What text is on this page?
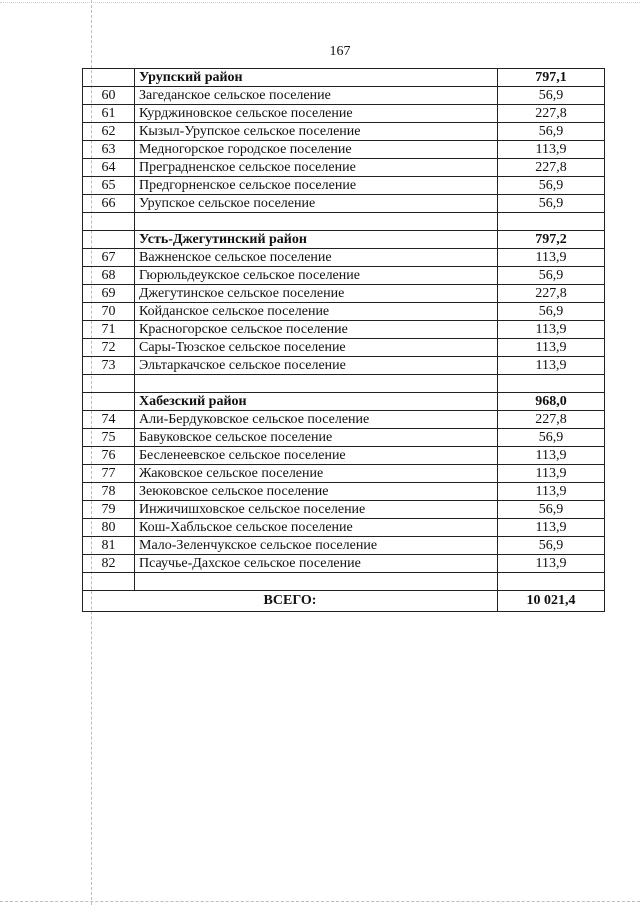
167
	Урупский район	797,1
60	Загеданское сельское поселение	56,9
61	Курджиновское сельское поселение	227,8
62	Кызыл-Урупское сельское поселение	56,9
63	Медногорское городское поселение	113,9
64	Преградненское сельское поселение	227,8
65	Предгорненское сельское поселение	56,9
66	Урупское сельское поселение	56,9

	Усть-Джегутинский район	797,2
67	Важненское сельское поселение	113,9
68	Гюрюльдеукское сельское поселение	56,9
69	Джегутинское сельское поселение	227,8
70	Койданское сельское поселение	56,9
71	Красногорское сельское поселение	113,9
72	Сары-Тюзское сельское поселение	113,9
73	Эльтаркачское сельское поселение	113,9

	Хабезский район	968,0
74	Али-Бердуковское сельское поселение	227,8
75	Бавуковское сельское поселение	56,9
76	Бесленеевское сельское поселение	113,9
77	Жаковское сельское поселение	113,9
78	Зеюковское сельское поселение	113,9
79	Инжичишховское сельское поселение	56,9
80	Кош-Хабльское сельское поселение	113,9
81	Мало-Зеленчукское сельское поселение	56,9
82	Псаучье-Дахское сельское поселение	113,9

ВСЕГО:		10 021,4
